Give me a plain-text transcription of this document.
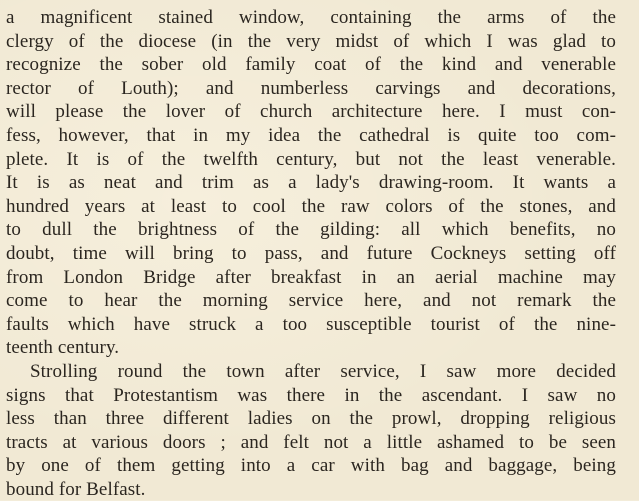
a magnificent stained window, containing the arms of the
clergy of the diocese (in the very midst of which I was glad to
recognize the sober old family coat of the kind and venerable
rector of Louth); and numberless carvings and decorations,
will please the lover of church architecture here. I must con-
fess, however, that in my idea the cathedral is quite too com-
plete. It is of the twelfth century, but not the least venerable.
It is as neat and trim as a lady's drawing-room. It wants a
hundred years at least to cool the raw colors of the stones, and
to dull the brightness of the gilding: all which benefits, no
doubt, time will bring to pass, and future Cockneys setting off
from London Bridge after breakfast in an aerial machine may
come to hear the morning service here, and not remark the
faults which have struck a too susceptible tourist of the nine-
teenth century.
Strolling round the town after service, I saw more decided
signs that Protestantism was there in the ascendant. I saw no
less than three different ladies on the prowl, dropping religious
tracts at various doors ; and felt not a little ashamed to be seen
by one of them getting into a car with bag and baggage, being
bound for Belfast.
